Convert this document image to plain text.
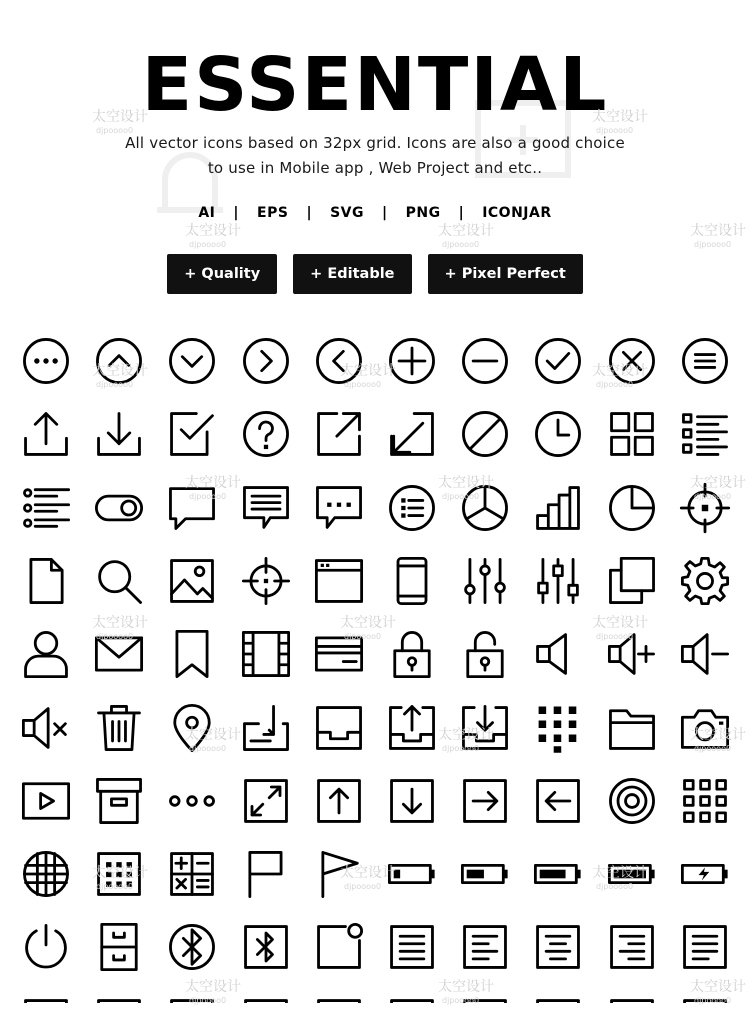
ESSENTIAL
All vector icons based on 32px grid. Icons are also a good choice
to use in Mobile app , Web Project and etc..
AI | EPS | SVG | PNG | ICONJAR
+ Quality	+ Editable	+ Pixel Perfect
太空设计
djpoooo0
太空设计
djpoooo0
太空设计
djpoooo0
太空设计
djpoooo0
太空设计
djpoooo0
太空设计
djpoooo0
太空设计
djpoooo0
太空设计
djpoooo0
太空设计
djpoooo0
太空设计
djpoooo0
太空设计
djpoooo0
太空设计
djpoooo0
太空设计
djpoooo0
太空设计
djpoooo0
太空设计
djpoooo0
太空设计
djpoooo0
太空设计
djpoooo0
太空设计
djpoooo0
太空设计
djpoooo0
太空设计
djpoooo0
太空设计
djpoooo0
太空设计
djpoooo0
太空设计
djpoooo0
